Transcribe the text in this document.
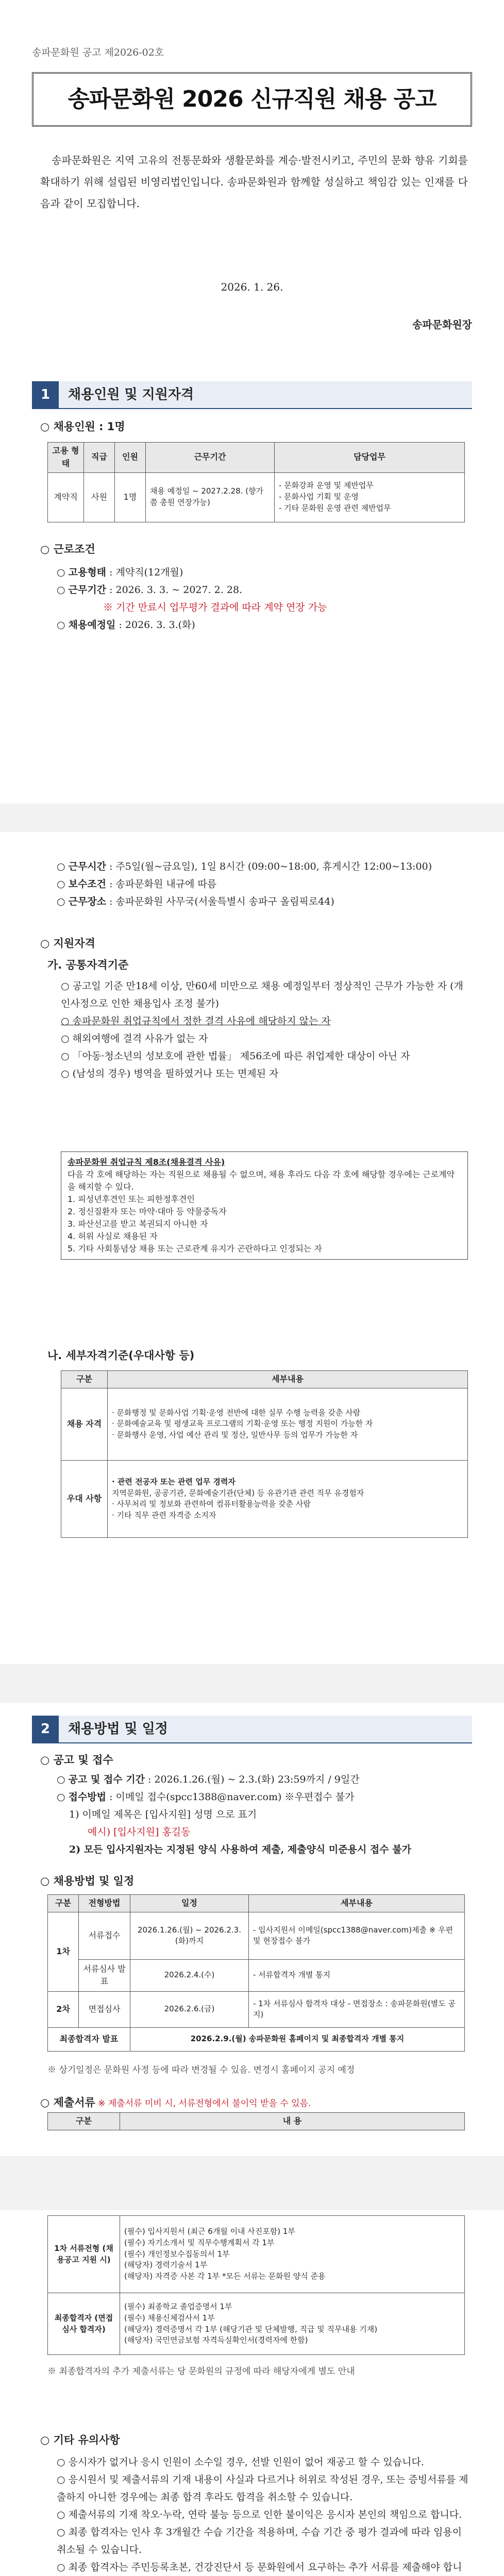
송파문화원 공고 제2026-02호
송파문화원 2026 신규직원 채용 공고
송파문화원은 지역 고유의 전통문화와 생활문화를 계승·발전시키고, 주민의 문화 향유 기회를 확대하기 위해 설립된 비영리법인입니다. 송파문화원과 함께할 성실하고 책임감 있는 인재를 다음과 같이 모집합니다.
2026. 1. 26.
송파문화원장
1	채용인원 및 지원자격
○ 채용인원 : 1명
고용 형태	직급	인원	근무기간	담당업무
계약직	사원	1명	채용 예정일 ~ 2027.2.28. (향가쯤 총원 연장가능)	- 문화강좌 운영 및 제반업무
- 문화사업 기획 및 운영
- 기타 문화원 운영 관련 제반업무
○ 근로조건
○ 고용형태 : 계약직(12개월)
○ 근무기간 : 2026. 3. 3. ~ 2027. 2. 28.
※ 기간 만료시 업무평가 결과에 따라 계약 연장 가능
○ 채용예정일 : 2026. 3. 3.(화)
○ 근무시간 : 주5일(월~금요일), 1일 8시간 (09:00~18:00, 휴게시간 12:00~13:00)
○ 보수조건 : 송파문화원 내규에 따름
○ 근무장소 : 송파문화원 사무국(서울특별시 송파구 올림픽로44)
○ 지원자격
가. 공통자격기준
○ 공고일 기준 만18세 이상, 만60세 미만으로 채용 예정일부터 정상적인 근무가 가능한 자 (개인사정으로 인한 채용입사 조정 불가)
○ 송파문화원 취업규칙에서 정한 결격 사유에 해당하지 않는 자
○ 해외여행에 결격 사유가 없는 자
○ 「아동·청소년의 성보호에 관한 법률」 제56조에 따른 취업제한 대상이 아닌 자
○ (남성의 경우) 병역을 필하였거나 또는 면제된 자
송파문화원 취업규칙 제8조(채용결격 사유)
다음 각 호에 해당하는 자는 직원으로 채용될 수 없으며, 채용 후라도 다음 각 호에 해당할 경우에는 근로계약을 해지할 수 있다.
1. 피성년후견인 또는 피한정후견인
2. 정신질환자 또는 마약·대마 등 약물중독자
3. 파산선고를 받고 복권되지 아니한 자
4. 허위 사실로 채용된 자
5. 기타 사회통념상 채용 또는 근로관계 유지가 곤란하다고 인정되는 자
나. 세부자격기준(우대사항 등)
구분	세부내용
채용 자격	· 문화행정 및 문화사업 기획·운영 전반에 대한 실무 수행 능력을 갖춘 사람
· 문화예술교육 및 평생교육 프로그램의 기획·운영 또는 행정 지원이 가능한 자
· 문화행사 운영, 사업 예산 관리 및 정산, 일반사무 등의 업무가 가능한 자

우대 사항	· 관련 전공자 또는 관련 업무 경력자
지역문화원, 공공기관, 문화예술기관(단체) 등 유관기관 관련 직무 유경험자
· 사무처리 및 정보화 관련하여 컴퓨터활용능력을 갖춘 사람
· 기타 직무 관련 자격증 소지자
2	채용방법 및 일정
○ 공고 및 접수
○ 공고 및 접수 기간 : 2026.1.26.(월) ~ 2.3.(화) 23:59까지 / 9일간
○ 접수방법 : 이메일 접수(spcc1388@naver.com) ※우편접수 불가
1) 이메일 제목은 [입사지원] 성명 으로 표기
예시) [입사지원] 홍길동
2) 모든 입사지원자는 지정된 양식 사용하여 제출, 제출양식 미준용시 접수 불가
○ 채용방법 및 일정
구분	전형방법	일정	세부내용
1차	서류접수	2026.1.26.(월) ~ 2026.2.3.(화)까지	- 입사지원서 이메일(spcc1388@naver.com)제출 ※ 우편 및 현장접수 불가
	서류심사 발표	2026.2.4.(수)	- 서류합격자 개별 통지
2차	면접심사	2026.2.6.(금)	- 1차 서류심사 합격자 대상 - 면접장소 : 송파문화원(별도 공지)
최종합격자 발표		2026.2.9.(월) 송파문화원 홈페이지 및 최종합격자 개별 통지	
※ 상기일정은 문화원 사정 등에 따라 변경될 수 있음. 변경시 홈페이지 공지 예정
○ 제출서류 ※ 제출서류 미비 시, 서류전형에서 불이익 받을 수 있음.
구분	내 용
1차 서류전형 (채용공고 지원 시)	(필수) 입사지원서 (최근 6개월 이내 사진포함) 1부
(필수) 자기소개서 및 직무수행계획서 각 1부
(필수) 개인정보수집동의서 1부
(해당자) 경력기술서 1부
(해당자) 자격증 사본 각 1부 *모든 서류는 문화원 양식 준용

최종합격자 (면접심사 합격자)	(필수) 최종학교 졸업증명서 1부
(필수) 채용신체검사서 1부
(해당자) 경력증명서 각 1부 (해당기관 및 단체발행, 직급 및 직무내용 기재)
(해당자) 국민연금보험 자격득실확인서(경력자에 한함)
※ 최종합격자의 추가 제출서류는 당 문화원의 규정에 따라 해당자에게 별도 안내
○ 기타 유의사항
○ 응시자가 없거나 응시 인원이 소수일 경우, 선발 인원이 없어 재공고 할 수 있습니다.
○ 응시원서 및 제출서류의 기재 내용이 사실과 다르거나 허위로 작성된 경우, 또는 증빙서류를 제출하지 아니한 경우에는 최종 합격 후라도 합격을 취소할 수 있습니다.
○ 제출서류의 기재 착오·누락, 연락 불능 등으로 인한 불이익은 응시자 본인의 책임으로 합니다.
○ 최종 합격자는 인사 후 3개월간 수습 기간을 적용하며, 수습 기간 중 평가 결과에 따라 임용이 취소될 수 있습니다.
○ 최종 합격자는 주민등록초본, 건강진단서 등 문화원에서 요구하는 추가 서류를 제출해야 합니
